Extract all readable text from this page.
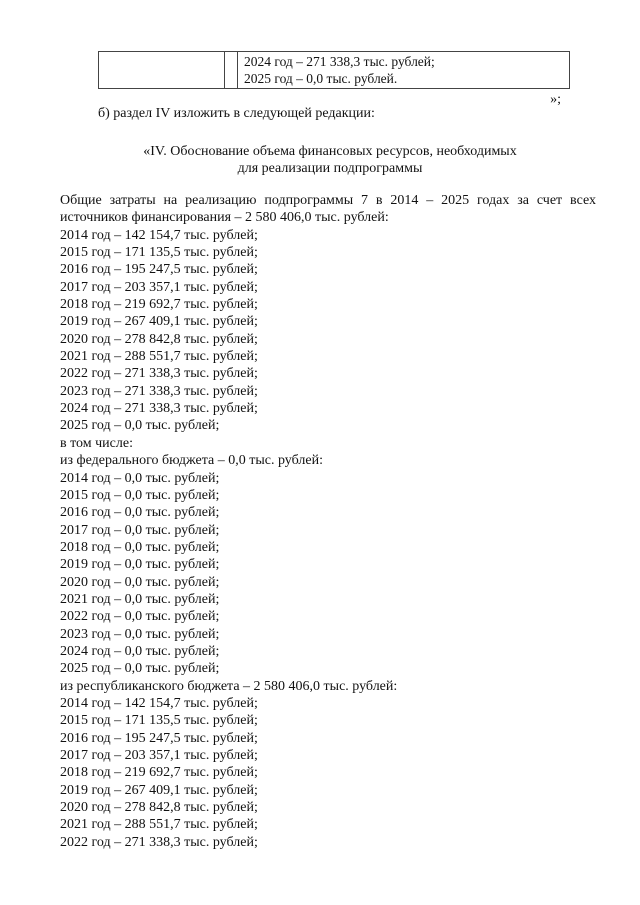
2024 год – 271 338,3 тыс. рублей;
2025 год – 0,0 тыс. рублей.
»;
б) раздел IV изложить в следующей редакции:
«IV. Обоснование объема финансовых ресурсов, необходимых
для реализации подпрограммы
Общие затраты на реализацию подпрограммы 7 в 2014 – 2025 годах за счет всех
источников финансирования – 2 580 406,0 тыс. рублей:
2014 год – 142 154,7 тыс. рублей;
2015 год – 171 135,5 тыс. рублей;
2016 год – 195 247,5 тыс. рублей;
2017 год – 203 357,1 тыс. рублей;
2018 год – 219 692,7 тыс. рублей;
2019 год – 267 409,1 тыс. рублей;
2020 год – 278 842,8 тыс. рублей;
2021 год – 288 551,7 тыс. рублей;
2022 год – 271 338,3 тыс. рублей;
2023 год – 271 338,3 тыс. рублей;
2024 год – 271 338,3 тыс. рублей;
2025 год – 0,0 тыс. рублей;
в том числе:
из федерального бюджета – 0,0 тыс. рублей:
2014 год – 0,0 тыс. рублей;
2015 год – 0,0 тыс. рублей;
2016 год – 0,0 тыс. рублей;
2017 год – 0,0 тыс. рублей;
2018 год – 0,0 тыс. рублей;
2019 год – 0,0 тыс. рублей;
2020 год – 0,0 тыс. рублей;
2021 год – 0,0 тыс. рублей;
2022 год – 0,0 тыс. рублей;
2023 год – 0,0 тыс. рублей;
2024 год – 0,0 тыс. рублей;
2025 год – 0,0 тыс. рублей;
из республиканского бюджета – 2 580 406,0 тыс. рублей:
2014 год – 142 154,7 тыс. рублей;
2015 год – 171 135,5 тыс. рублей;
2016 год – 195 247,5 тыс. рублей;
2017 год – 203 357,1 тыс. рублей;
2018 год – 219 692,7 тыс. рублей;
2019 год – 267 409,1 тыс. рублей;
2020 год – 278 842,8 тыс. рублей;
2021 год – 288 551,7 тыс. рублей;
2022 год – 271 338,3 тыс. рублей;
